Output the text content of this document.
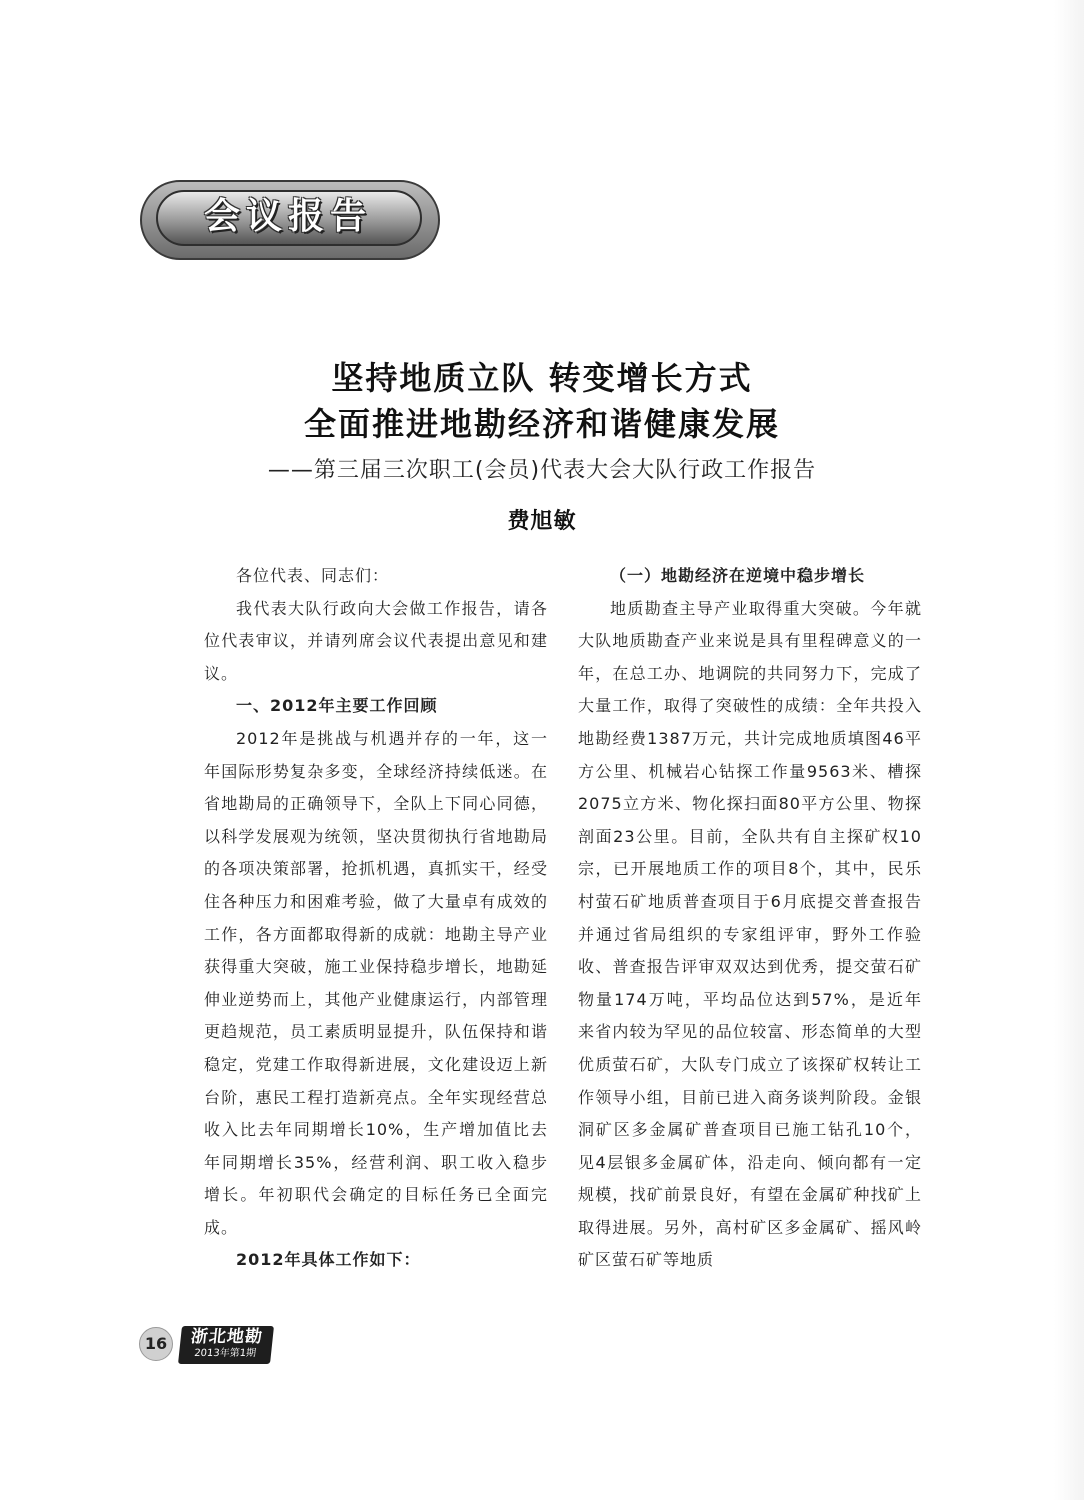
会议报告
坚持地质立队 转变增长方式
全面推进地勘经济和谐健康发展
——第三届三次职工(会员)代表大会大队行政工作报告
费旭敏

各位代表、同志们：

我代表大队行政向大会做工作报告，请各位代表审议，并请列席会议代表提出意见和建议。

一、2012年主要工作回顾

2012年是挑战与机遇并存的一年，这一年国际形势复杂多变，全球经济持续低迷。在省地勘局的正确领导下，全队上下同心同德，以科学发展观为统领，坚决贯彻执行省地勘局的各项决策部署，抢抓机遇，真抓实干，经受住各种压力和困难考验，做了大量卓有成效的工作，各方面都取得新的成就：地勘主导产业获得重大突破，施工业保持稳步增长，地勘延伸业逆势而上，其他产业健康运行，内部管理更趋规范，员工素质明显提升，队伍保持和谐稳定，党建工作取得新进展，文化建设迈上新台阶，惠民工程打造新亮点。全年实现经营总收入比去年同期增长10%，生产增加值比去年同期增长35%，经营利润、职工收入稳步增长。年初职代会确定的目标任务已全面完成。

2012年具体工作如下：
（一）地勘经济在逆境中稳步增长

地质勘查主导产业取得重大突破。今年就大队地质勘查产业来说是具有里程碑意义的一年，在总工办、地调院的共同努力下，完成了大量工作，取得了突破性的成绩：全年共投入地勘经费1387万元，共计完成地质填图46平方公里、机械岩心钻探工作量9563米、槽探2075立方米、物化探扫面80平方公里、物探剖面23公里。目前，全队共有自主探矿权10宗，已开展地质工作的项目8个，其中，民乐村萤石矿地质普查项目于6月底提交普查报告并通过省局组织的专家组评审，野外工作验收、普查报告评审双双达到优秀，提交萤石矿物量174万吨，平均品位达到57%，是近年来省内较为罕见的品位较富、形态简单的大型优质萤石矿，大队专门成立了该探矿权转让工作领导小组，目前已进入商务谈判阶段。金银洞矿区多金属矿普查项目已施工钻孔10个，见4层银多金属矿体，沿走向、倾向都有一定规模，找矿前景良好，有望在金属矿种找矿上取得进展。另外，高村矿区多金属矿、摇风岭矿区萤石矿等地质

16	浙北地勘
2013年第1期
